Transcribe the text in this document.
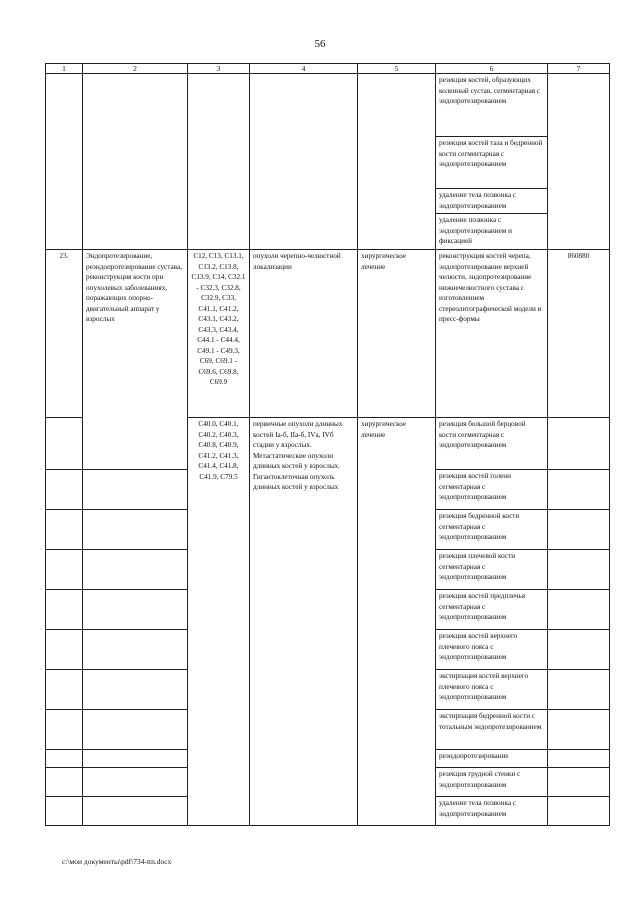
56
1	2	3	4	5	6	7
					резекция костей, образующих коленный сустав, сегментарная с эндопротезированием	
					резекция костей таза и бедренной кости сегментарная с эндопротезированием	
					удаление тела позвонка с эндопротезированием	
					удаление позвонка с эндопротезированием и фиксацией	
23.	Эндопротезирование, реэндопротезирование сустава, реконструкция кости при опухолевых заболеваниях, поражающих опорно-двигательный аппарат у взрослых	C12, C13, C13.1, C13.2, C13.8, C13.9, C14, C32.1 - C32.3, C32.8, C32.9, C33, C41.1, C41.2, C43.1, C43.2, C43.3, C43.4, C44.1 - C44.4, C49.1 - C49.3, C69, C69.1 - C69.6, C69.8, C69.9	опухоли черепно-челюстной локализации	хирургическое лечение	реконструкция костей черепа, эндопротезирование верхней челюсти, эндопротезирование нижнечелюстного сустава с изготовлением стереолитографической модели и пресс-формы	860880
		C40.0, C40.1, C40.2, C40.3, C40.8, C40.9, C41.2, C41.3, C41.4, C41.8, C41.9, C79.5	первичные опухоли длинных костей Iа-б, IIа-б, IVа, IVб стадии у взрослых. Метастатические опухоли длинных костей у взрослых. Гигантоклеточная опухоль длинных костей у взрослых	хирургическое лечение	резекция большой берцовой кости сегментарная с эндопротезированием	
					резекция костей голени сегментарная с эндопротезированием	
					резекция бедренной кости сегментарная с эндопротезированием	
					резекция плечевой кости сегментарная с эндопротезированием	
					резекция костей предплечья сегментарная с эндопротезированием	
					резекция костей верхнего плечевого пояса с эндопротезированием	
					экстирпация костей верхнего плечевого пояса с эндопротезированием	
					экстирпация бедренной кости с тотальным эндопротезированием	
					реэндопротезирование	
					резекция грудной стенки с эндопротезированием	
					удаление тела позвонка с эндопротезированием	
c:\мои документы\pdf\734-ttn.docx
